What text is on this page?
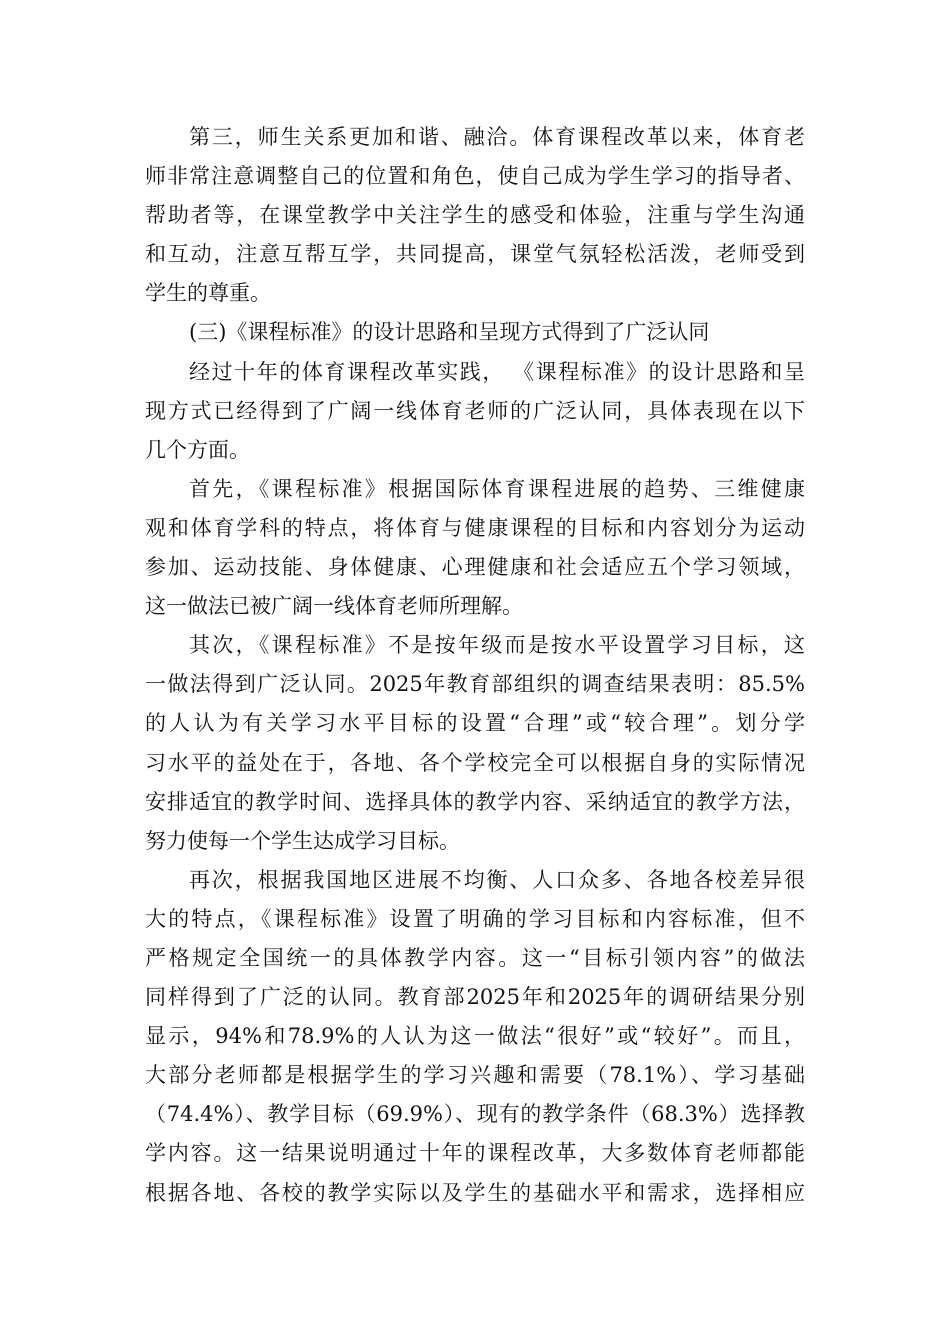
第三，师生关系更加和谐、融洽。体育课程改革以来，体育老
师非常注意调整自己的位置和角色，使自己成为学生学习的指导者、
帮助者等，在课堂教学中关注学生的感受和体验，注重与学生沟通
和互动，注意互帮互学，共同提高，课堂气氛轻松活泼，老师受到
学生的尊重。
(三)《课程标准》的设计思路和呈现方式得到了广泛认同
经过十年的体育课程改革实践， 《课程标准》的设计思路和呈
现方式已经得到了广阔一线体育老师的广泛认同，具体表现在以下
几个方面。
首先，《课程标准》根据国际体育课程进展的趋势、三维健康
观和体育学科的特点，将体育与健康课程的目标和内容划分为运动
参加、运动技能、身体健康、心理健康和社会适应五个学习领域，
这一做法已被广阔一线体育老师所理解。
其次，《课程标准》不是按年级而是按水平设置学习目标，这
一做法得到广泛认同。2025年教育部组织的调查结果表明：85.5%
的人认为有关学习水平目标的设置“合理”或“较合理”。划分学
习水平的益处在于，各地、各个学校完全可以根据自身的实际情况
安排适宜的教学时间、选择具体的教学内容、采纳适宜的教学方法，
努力使每一个学生达成学习目标。
再次，根据我国地区进展不均衡、人口众多、各地各校差异很
大的特点，《课程标准》设置了明确的学习目标和内容标准，但不
严格规定全国统一的具体教学内容。这一“目标引领内容”的做法
同样得到了广泛的认同。教育部2025年和2025年的调研结果分别
显示，94%和78.9%的人认为这一做法“很好”或“较好”。而且，
大部分老师都是根据学生的学习兴趣和需要（78.1%）、学习基础
（74.4%）、教学目标（69.9%）、现有的教学条件（68.3%）选择教
学内容。这一结果说明通过十年的课程改革，大多数体育老师都能
根据各地、各校的教学实际以及学生的基础水平和需求，选择相应
